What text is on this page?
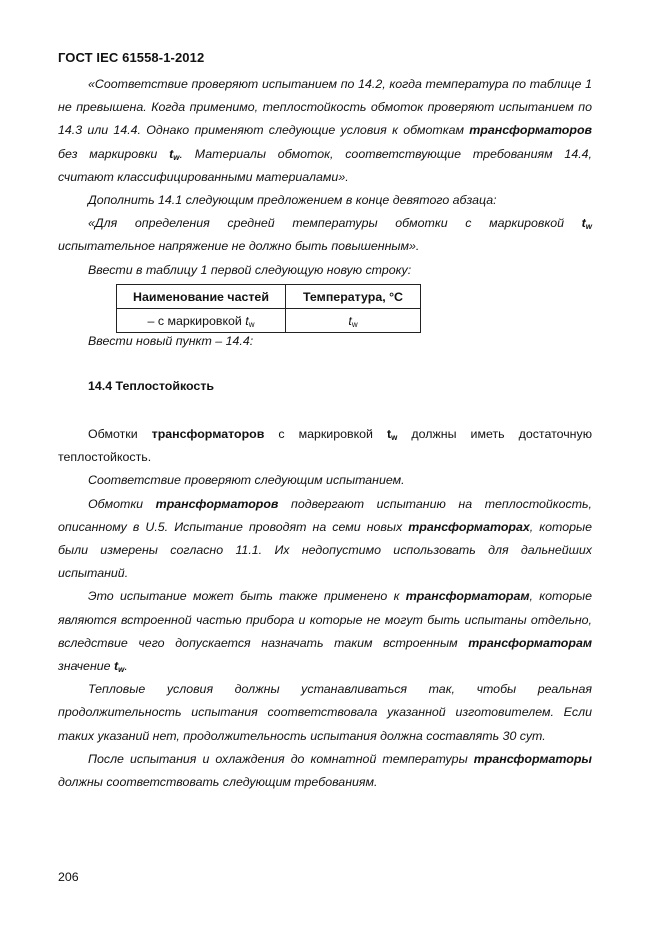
ГОСТ IEC 61558-1-2012

«Соответствие проверяют испытанием по 14.2, когда температура по таблице 1 не превышена. Когда применимо, теплостойкость обмоток проверяют испытанием по 14.3 или 14.4. Однако применяют следующие условия к обмоткам трансформаторов без маркировки $t_w$. Материалы обмоток, соответствующие требованиям 14.4, считают классифицированными материалами».

Дополнить 14.1 следующим предложением в конце девятого абзаца:

«Для определения средней температуры обмотки с маркировкой $t_w$ испытательное напряжение не должно быть повышенным».

Ввести в таблицу 1 первой следующую новую строку:

Наименование частей	Температура, °C
– с маркировкой $t_w$	$t_w$

Ввести новый пункт – 14.4:

14.4 Теплостойкость

Обмотки трансформаторов с маркировкой $t_w$ должны иметь достаточную теплостойкость.

Соответствие проверяют следующим испытанием.

Обмотки трансформаторов подвергают испытанию на теплостойкость, описанному в U.5. Испытание проводят на семи новых трансформаторах, которые были измерены согласно 11.1. Их недопустимо использовать для дальнейших испытаний.

Это испытание может быть также применено к трансформаторам, которые являются встроенной частью прибора и которые не могут быть испытаны отдельно, вследствие чего допускается назначать таким встроенным трансформаторам значение $t_w$.

Тепловые условия должны устанавливаться так, чтобы реальная продолжительность испытания соответствовала указанной изготовителем. Если таких указаний нет, продолжительность испытания должна составлять 30 сут.

После испытания и охлаждения до комнатной температуры трансформаторы должны соответствовать следующим требованиям.

206
